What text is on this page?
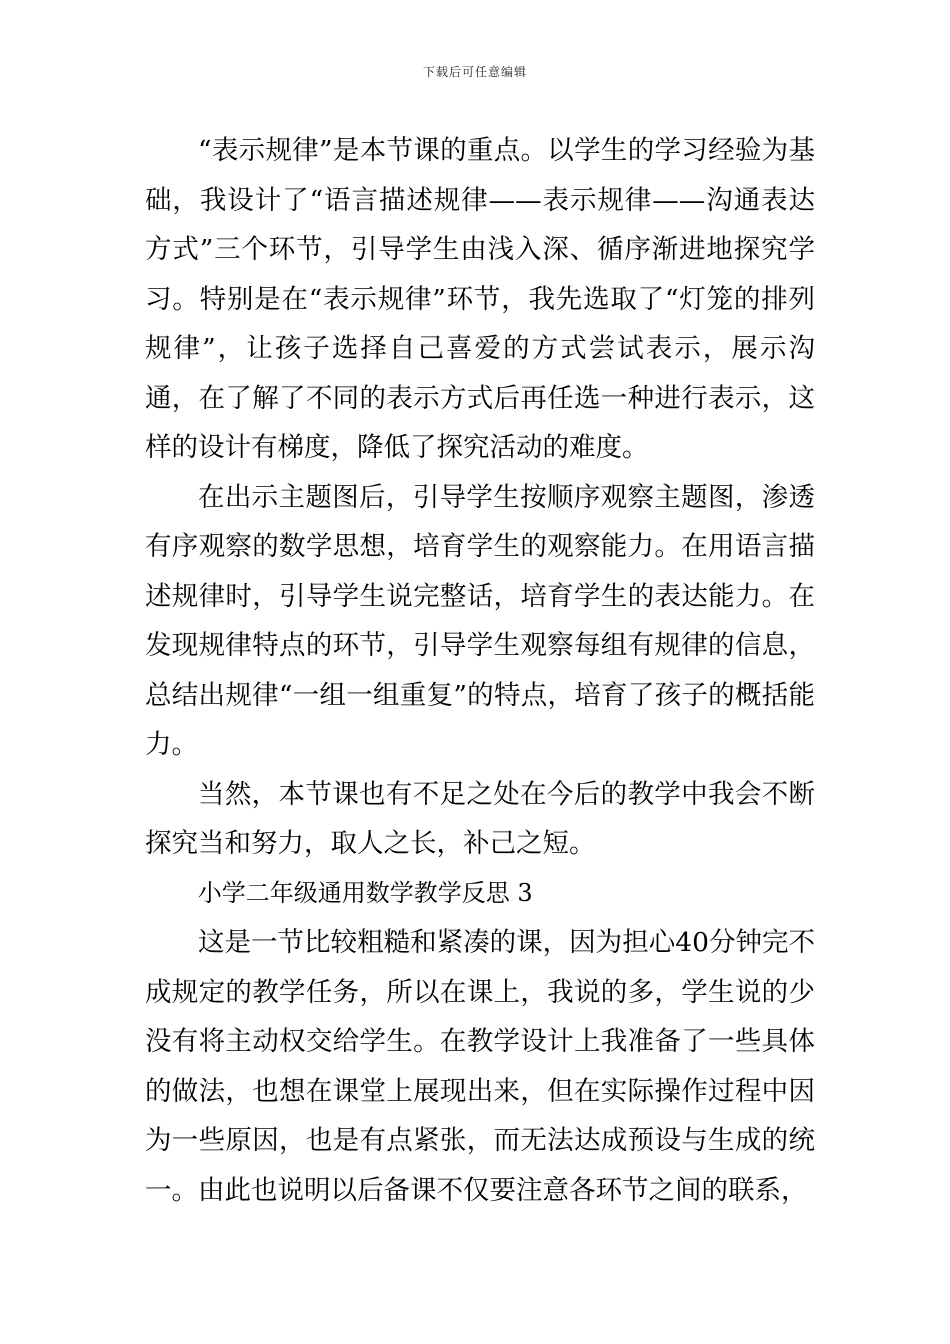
下载后可任意编辑

“表示规律”是本节课的重点。以学生的学习经验为基础，我设计了“语言描述规律——表示规律——沟通表达方式”三个环节，引导学生由浅入深、循序渐进地探究学习。特别是在“表示规律”环节，我先选取了“灯笼的排列规律”，让孩子选择自己喜爱的方式尝试表示，展示沟通，在了解了不同的表示方式后再任选一种进行表示，这样的设计有梯度，降低了探究活动的难度。

在出示主题图后，引导学生按顺序观察主题图，渗透有序观察的数学思想，培育学生的观察能力。在用语言描述规律时，引导学生说完整话，培育学生的表达能力。在发现规律特点的环节，引导学生观察每组有规律的信息，总结出规律“一组一组重复”的特点，培育了孩子的概括能力。

当然，本节课也有不足之处在今后的教学中我会不断探究当和努力，取人之长，补己之短。

小学二年级通用数学教学反思 3

这是一节比较粗糙和紧凑的课，因为担心40分钟完不成规定的教学任务，所以在课上，我说的多，学生说的少没有将主动权交给学生。在教学设计上我准备了一些具体的做法，也想在课堂上展现出来，但在实际操作过程中因为一些原因，也是有点紧张，而无法达成预设与生成的统一。由此也说明以后备课不仅要注意各环节之间的联系，
